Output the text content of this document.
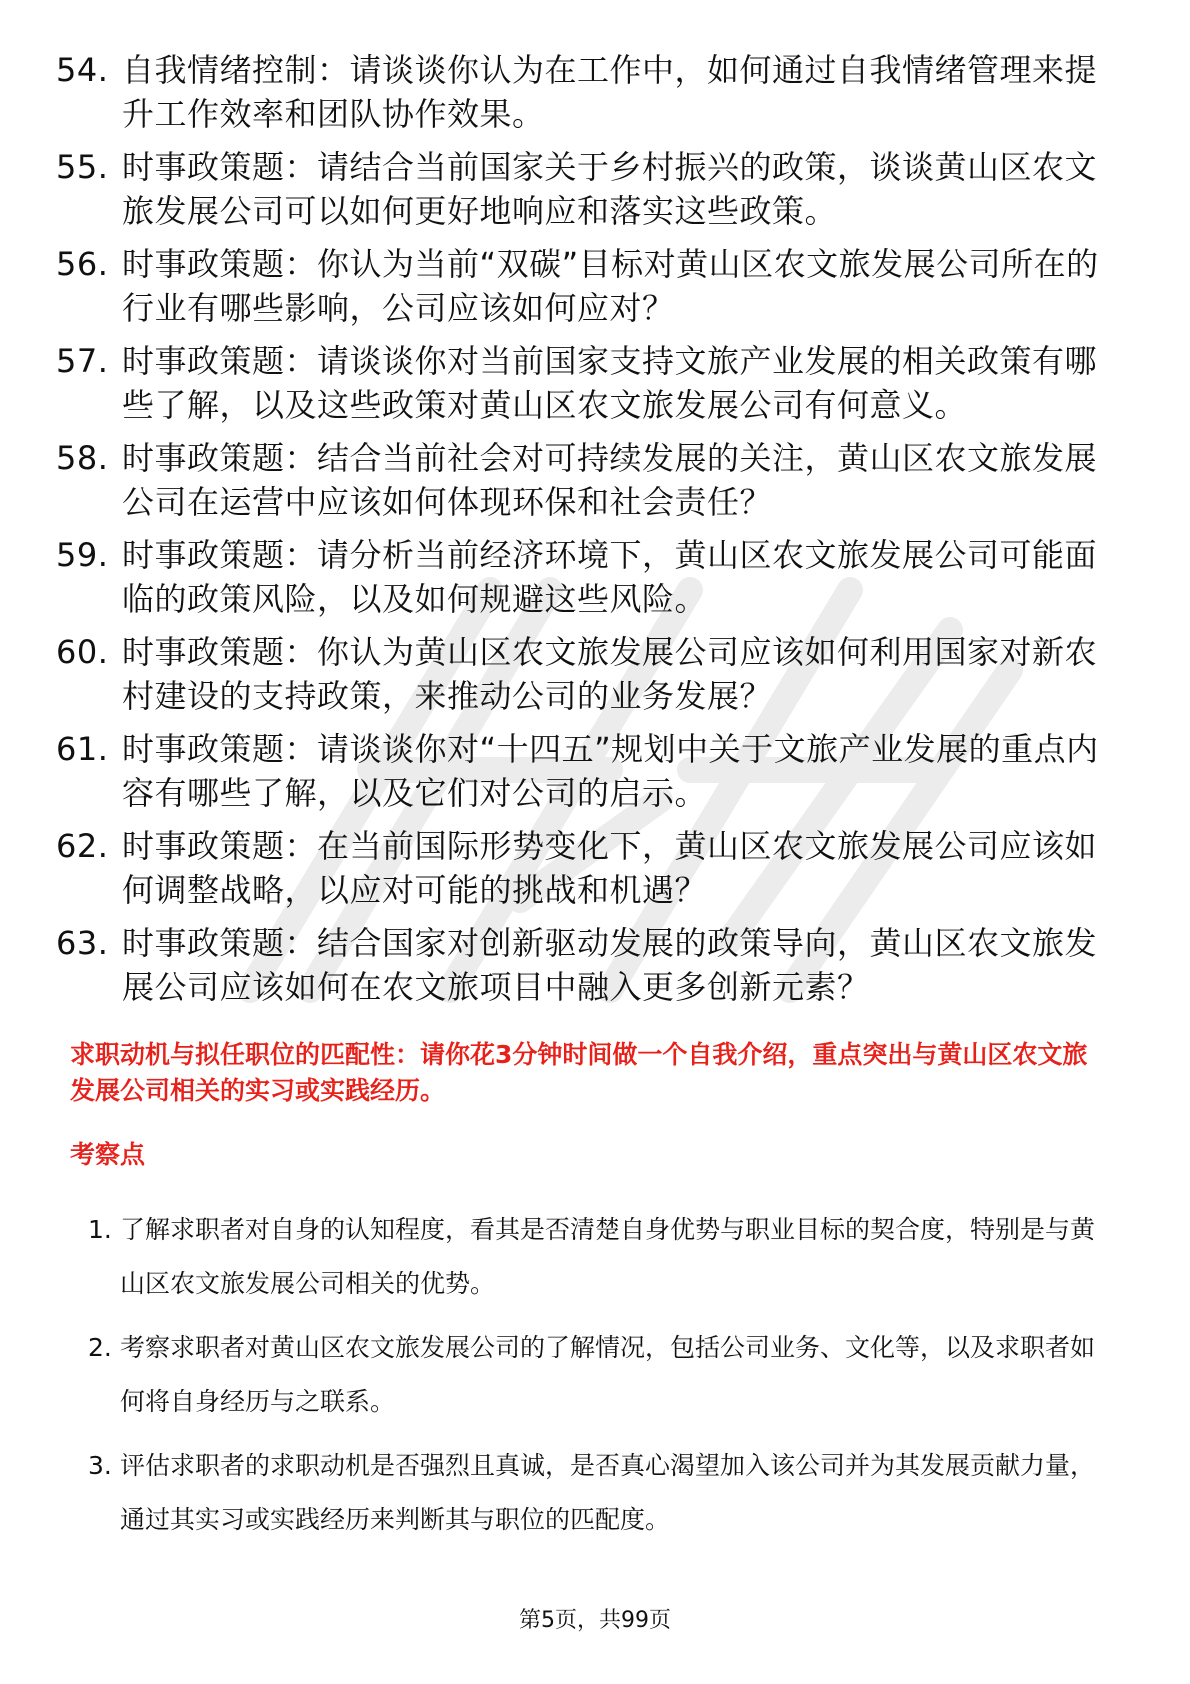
54. 自我情绪控制：请谈谈你认为在工作中，如何通过自我情绪管理来提升工作效率和团队协作效果。
55. 时事政策题：请结合当前国家关于乡村振兴的政策，谈谈黄山区农文旅发展公司可以如何更好地响应和落实这些政策。
56. 时事政策题：你认为当前“双碳”目标对黄山区农文旅发展公司所在的行业有哪些影响，公司应该如何应对？
57. 时事政策题：请谈谈你对当前国家支持文旅产业发展的相关政策有哪些了解，以及这些政策对黄山区农文旅发展公司有何意义。
58. 时事政策题：结合当前社会对可持续发展的关注，黄山区农文旅发展公司在运营中应该如何体现环保和社会责任？
59. 时事政策题：请分析当前经济环境下，黄山区农文旅发展公司可能面临的政策风险，以及如何规避这些风险。
60. 时事政策题：你认为黄山区农文旅发展公司应该如何利用国家对新农村建设的支持政策，来推动公司的业务发展？
61. 时事政策题：请谈谈你对“十四五”规划中关于文旅产业发展的重点内容有哪些了解，以及它们对公司的启示。
62. 时事政策题：在当前国际形势变化下，黄山区农文旅发展公司应该如何调整战略，以应对可能的挑战和机遇？
63. 时事政策题：结合国家对创新驱动发展的政策导向，黄山区农文旅发展公司应该如何在农文旅项目中融入更多创新元素？
求职动机与拟任职位的匹配性：请你花3分钟时间做一个自我介绍，重点突出与黄山区农文旅发展公司相关的实习或实践经历。
考察点
1. 了解求职者对自身的认知程度，看其是否清楚自身优势与职业目标的契合度，特别是与黄山区农文旅发展公司相关的优势。
2. 考察求职者对黄山区农文旅发展公司的了解情况，包括公司业务、文化等，以及求职者如何将自身经历与之联系。
3. 评估求职者的求职动机是否强烈且真诚，是否真心渴望加入该公司并为其发展贡献力量，通过其实习或实践经历来判断其与职位的匹配度。
第5页，共99页
